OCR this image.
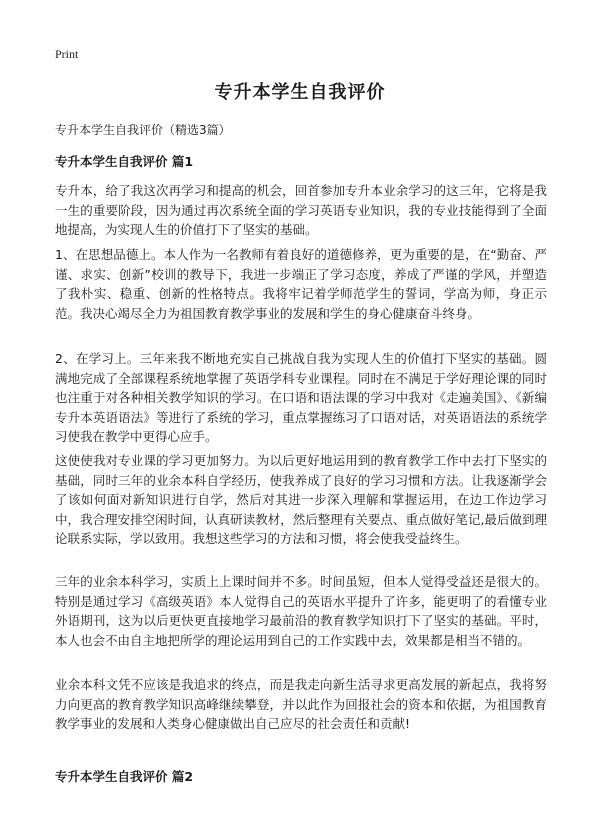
Print
专升本学生自我评价
专升本学生自我评价（精选3篇）
专升本学生自我评价 篇1

专升本，给了我这次再学习和提高的机会，回首参加专升本业余学习的这三年，它将是我一生的重要阶段，因为通过再次系统全面的学习英语专业知识，我的专业技能得到了全面地提高，为实现人生的价值打下了坚实的基础。

1、在思想品德上。本人作为一名教师有着良好的道德修养，更为重要的是，在“勤奋、严谨、求实、创新”校训的教导下，我进一步端正了学习态度，养成了严谨的学风，并塑造了我朴实、稳重、创新的性格特点。我将牢记着学师范学生的誓词，学高为师，身正示范。我决心竭尽全力为祖国教育教学事业的发展和学生的身心健康奋斗终身。

2、在学习上。三年来我不断地充实自己挑战自我为实现人生的价值打下坚实的基础。圆满地完成了全部课程系统地掌握了英语学科专业课程。同时在不满足于学好理论课的同时也注重于对各种相关教学知识的学习。在口语和语法课的学习中我对《走遍美国》、《新编专升本英语语法》等进行了系统的学习，重点掌握练习了口语对话，对英语语法的系统学习使我在教学中更得心应手。

这使使我对专业课的学习更加努力。为以后更好地运用到的教育教学工作中去打下坚实的基础，同时三年的业余本科自学经历，使我养成了良好的学习习惯和方法。让我逐渐学会了该如何面对新知识进行自学，然后对其进一步深入理解和掌握运用，在边工作边学习中，我合理安排空闲时间，认真研读教材，然后整理有关要点、重点做好笔记,最后做到理论联系实际，学以致用。我想这些学习的方法和习惯，将会使我受益终生。

三年的业余本科学习，实质上上课时间并不多。时间虽短，但本人觉得受益还是很大的。特别是通过学习《高级英语》本人觉得自己的英语水平提升了许多，能更明了的看懂专业外语期刊，这为以后更快更直接地学习最前沿的教育教学知识打下了坚实的基础。平时，本人也会不由自主地把所学的理论运用到自己的工作实践中去，效果都是相当不错的。

业余本科文凭不应该是我追求的终点，而是我走向新生活寻求更高发展的新起点，我将努力向更高的教育教学知识高峰继续攀登，并以此作为回报社会的资本和依据，为祖国教育教学事业的发展和人类身心健康做出自己应尽的社会责任和贡献!

专升本学生自我评价 篇2
